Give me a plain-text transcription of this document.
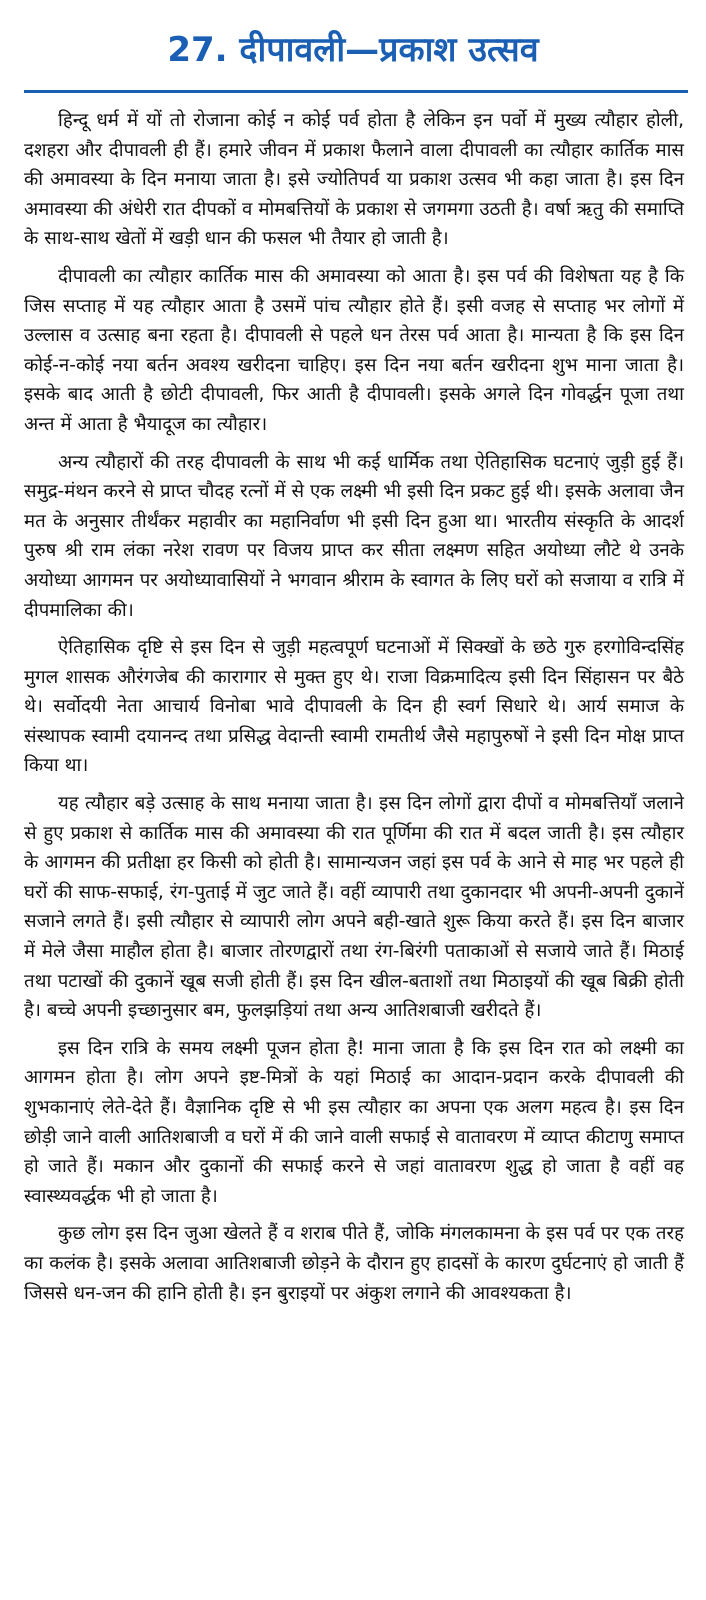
27. दीपावली—प्रकाश उत्सव

हिन्दू धर्म में यों तो रोजाना कोई न कोई पर्व होता है लेकिन इन पर्वो में मुख्य त्यौहार होली, दशहरा और दीपावली ही हैं। हमारे जीवन में प्रकाश फैलाने वाला दीपावली का त्यौहार कार्तिक मास की अमावस्या के दिन मनाया जाता है। इसे ज्योतिपर्व या प्रकाश उत्सव भी कहा जाता है। इस दिन अमावस्या की अंधेरी रात दीपकों व मोमबत्तियों के प्रकाश से जगमगा उठती है। वर्षा ऋतु की समाप्ति के साथ-साथ खेतों में खड़ी धान की फसल भी तैयार हो जाती है।

दीपावली का त्यौहार कार्तिक मास की अमावस्या को आता है। इस पर्व की विशेषता यह है कि जिस सप्ताह में यह त्यौहार आता है उसमें पांच त्यौहार होते हैं। इसी वजह से सप्ताह भर लोगों में उल्लास व उत्साह बना रहता है। दीपावली से पहले धन तेरस पर्व आता है। मान्यता है कि इस दिन कोई-न-कोई नया बर्तन अवश्य खरीदना चाहिए। इस दिन नया बर्तन खरीदना शुभ माना जाता है। इसके बाद आती है छोटी दीपावली, फिर आती है दीपावली। इसके अगले दिन गोवर्द्धन पूजा तथा अन्त में आता है भैयादूज का त्यौहार।

अन्य त्यौहारों की तरह दीपावली के साथ भी कई धार्मिक तथा ऐतिहासिक घटनाएं जुड़ी हुई हैं। समुद्र-मंथन करने से प्राप्त चौदह रत्नों में से एक लक्ष्मी भी इसी दिन प्रकट हुई थी। इसके अलावा जैन मत के अनुसार तीर्थंकर महावीर का महानिर्वाण भी इसी दिन हुआ था। भारतीय संस्कृति के आदर्श पुरुष श्री राम लंका नरेश रावण पर विजय प्राप्त कर सीता लक्ष्मण सहित अयोध्या लौटे थे उनके अयोध्या आगमन पर अयोध्यावासियों ने भगवान श्रीराम के स्वागत के लिए घरों को सजाया व रात्रि में दीपमालिका की।

ऐतिहासिक दृष्टि से इस दिन से जुड़ी महत्वपूर्ण घटनाओं में सिक्खों के छठे गुरु हरगोविन्दसिंह मुगल शासक औरंगजेब की कारागार से मुक्त हुए थे। राजा विक्रमादित्य इसी दिन सिंहासन पर बैठे थे। सर्वोदयी नेता आचार्य विनोबा भावे दीपावली के दिन ही स्वर्ग सिधारे थे। आर्य समाज के संस्थापक स्वामी दयानन्द तथा प्रसिद्ध वेदान्ती स्वामी रामतीर्थ जैसे महापुरुषों ने इसी दिन मोक्ष प्राप्त किया था।

यह त्यौहार बड़े उत्साह के साथ मनाया जाता है। इस दिन लोगों द्वारा दीपों व मोमबत्तियाँ जलाने से हुए प्रकाश से कार्तिक मास की अमावस्या की रात पूर्णिमा की रात में बदल जाती है। इस त्यौहार के आगमन की प्रतीक्षा हर किसी को होती है। सामान्यजन जहां इस पर्व के आने से माह भर पहले ही घरों की साफ-सफाई, रंग-पुताई में जुट जाते हैं। वहीं व्यापारी तथा दुकानदार भी अपनी-अपनी दुकानें सजाने लगते हैं। इसी त्यौहार से व्यापारी लोग अपने बही-खाते शुरू किया करते हैं। इस दिन बाजार में मेले जैसा माहौल होता है। बाजार तोरणद्वारों तथा रंग-बिरंगी पताकाओं से सजाये जाते हैं। मिठाई तथा पटाखों की दुकानें खूब सजी होती हैं। इस दिन खील-बताशों तथा मिठाइयों की खूब बिक्री होती है। बच्चे अपनी इच्छानुसार बम, फुलझड़ियां तथा अन्य आतिशबाजी खरीदते हैं।

इस दिन रात्रि के समय लक्ष्मी पूजन होता है! माना जाता है कि इस दिन रात को लक्ष्मी का आगमन होता है। लोग अपने इष्ट-मित्रों के यहां मिठाई का आदान-प्रदान करके दीपावली की शुभकानाएं लेते-देते हैं। वैज्ञानिक दृष्टि से भी इस त्यौहार का अपना एक अलग महत्व है। इस दिन छोड़ी जाने वाली आतिशबाजी व घरों में की जाने वाली सफाई से वातावरण में व्याप्त कीटाणु समाप्त हो जाते हैं। मकान और दुकानों की सफाई करने से जहां वातावरण शुद्ध हो जाता है वहीं वह स्वास्थ्यवर्द्धक भी हो जाता है।

कुछ लोग इस दिन जुआ खेलते हैं व शराब पीते हैं, जोकि मंगलकामना के इस पर्व पर एक तरह का कलंक है। इसके अलावा आतिशबाजी छोड़ने के दौरान हुए हादसों के कारण दुर्घटनाएं हो जाती हैं जिससे धन-जन की हानि होती है। इन बुराइयों पर अंकुश लगाने की आवश्यकता है।
